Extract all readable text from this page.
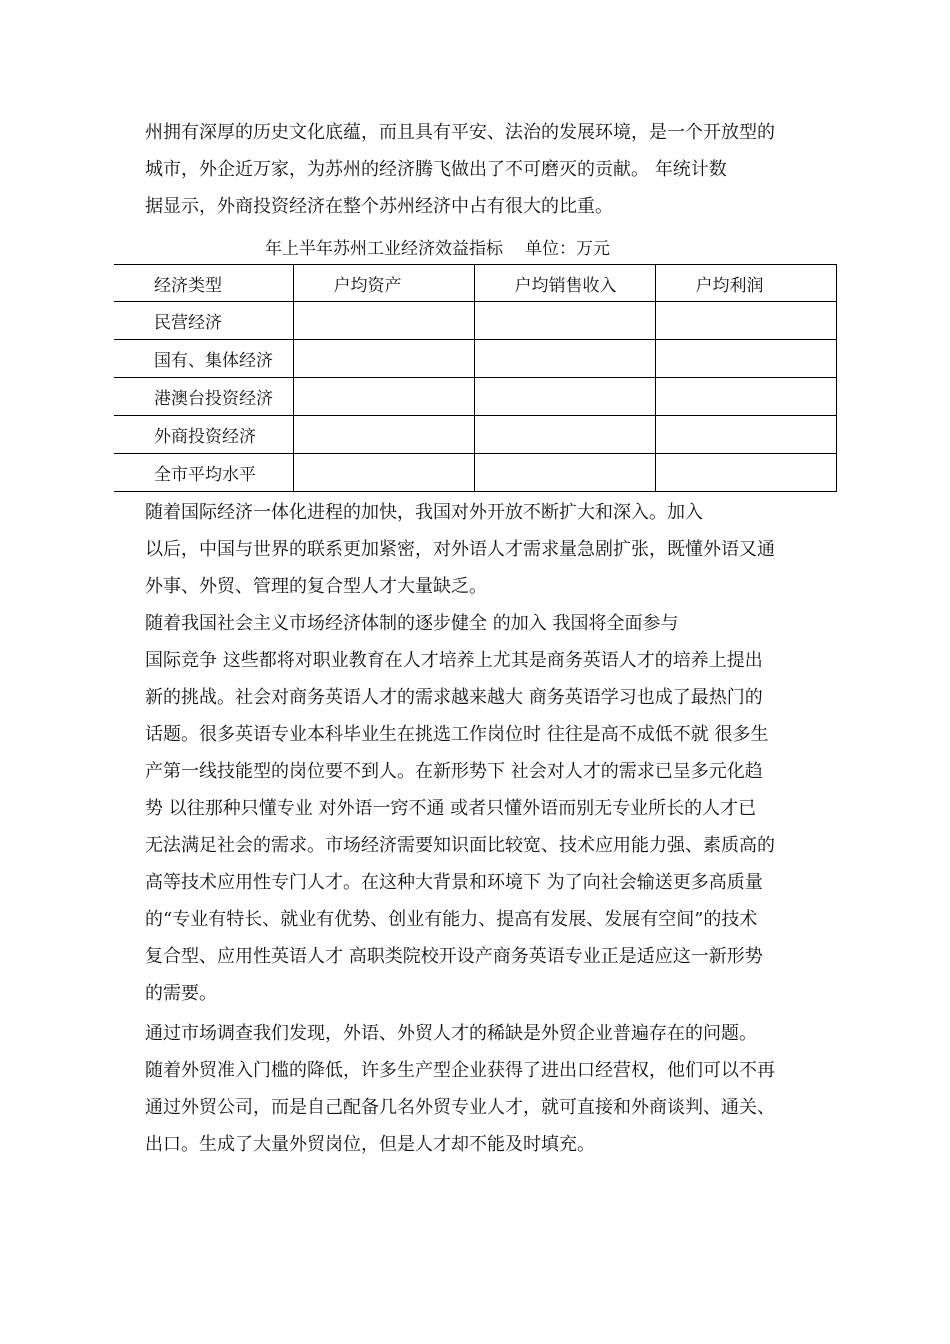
州拥有深厚的历史文化底蕴，而且具有平安、法治的发展环境，是一个开放型的
城市，外企近万家，为苏州的经济腾飞做出了不可磨灭的贡献。 年统计数
据显示，外商投资经济在整个苏州经济中占有很大的比重。
年上半年苏州工业经济效益指标 单位：万元
经济类型	户均资产	户均销售收入	户均利润
民营经济			
国有、集体经济			
港澳台投资经济			
外商投资经济			
全市平均水平			
随着国际经济一体化进程的加快，我国对外开放不断扩大和深入。加入
以后，中国与世界的联系更加紧密，对外语人才需求量急剧扩张，既懂外语又通
外事、外贸、管理的复合型人才大量缺乏。
随着我国社会主义市场经济体制的逐步健全 的加入 我国将全面参与
国际竞争 这些都将对职业教育在人才培养上尤其是商务英语人才的培养上提出
新的挑战。社会对商务英语人才的需求越来越大 商务英语学习也成了最热门的
话题。很多英语专业本科毕业生在挑选工作岗位时 往往是高不成低不就 很多生
产第一线技能型的岗位要不到人。在新形势下 社会对人才的需求已呈多元化趋
势 以往那种只懂专业 对外语一窍不通 或者只懂外语而别无专业所长的人才已
无法满足社会的需求。市场经济需要知识面比较宽、技术应用能力强、素质高的
高等技术应用性专门人才。在这种大背景和环境下 为了向社会输送更多高质量
的“专业有特长、就业有优势、创业有能力、提高有发展、发展有空间”的技术
复合型、应用性英语人才 高职类院校开设产商务英语专业正是适应这一新形势
的需要。
通过市场调查我们发现，外语、外贸人才的稀缺是外贸企业普遍存在的问题。
随着外贸准入门槛的降低，许多生产型企业获得了进出口经营权，他们可以不再
通过外贸公司，而是自己配备几名外贸专业人才，就可直接和外商谈判、通关、
出口。生成了大量外贸岗位，但是人才却不能及时填充。
